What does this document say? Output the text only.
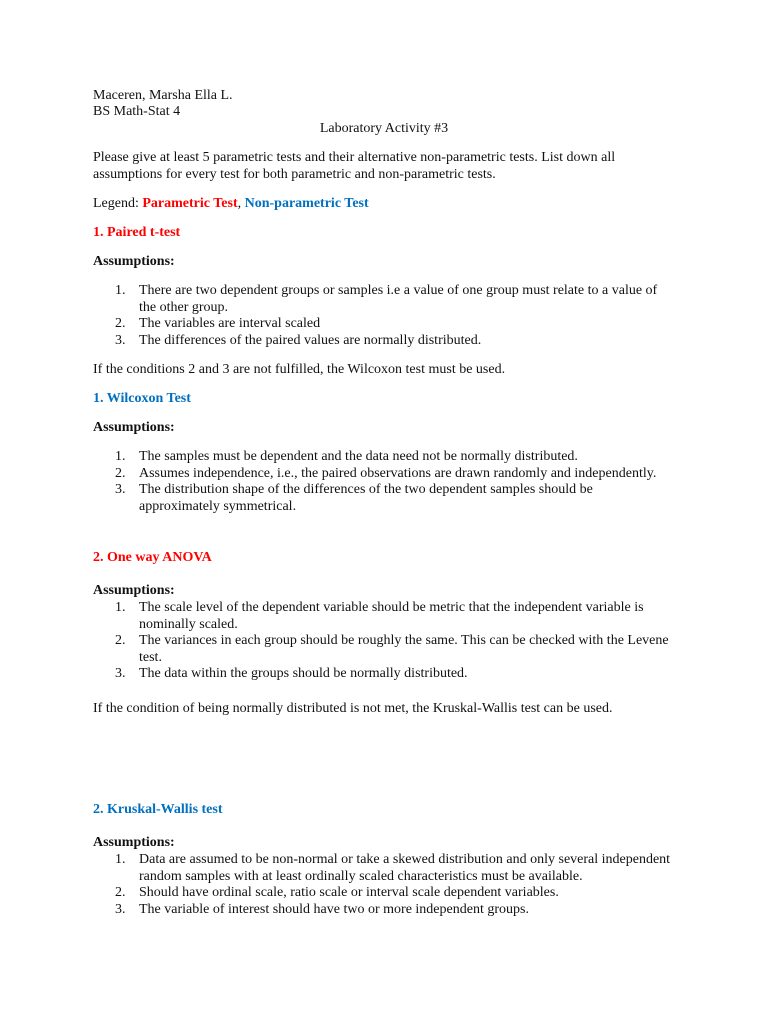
Maceren, Marsha Ella L.
BS Math-Stat 4
Laboratory Activity #3
Please give at least 5 parametric tests and their alternative non-parametric tests. List down all assumptions for every test for both parametric and non-parametric tests.
Legend: Parametric Test, Non-parametric Test
1. Paired t-test
Assumptions:
1. There are two dependent groups or samples i.e a value of one group must relate to a value of the other group.
2. The variables are interval scaled
3. The differences of the paired values are normally distributed.
If the conditions 2 and 3 are not fulfilled, the Wilcoxon test must be used.
1. Wilcoxon Test
Assumptions:
1. The samples must be dependent and the data need not be normally distributed.
2. Assumes independence, i.e., the paired observations are drawn randomly and independently.
3. The distribution shape of the differences of the two dependent samples should be approximately symmetrical.
2. One way ANOVA
Assumptions:
1. The scale level of the dependent variable should be metric that the independent variable is nominally scaled.
2. The variances in each group should be roughly the same. This can be checked with the Levene test.
3. The data within the groups should be normally distributed.
If the condition of being normally distributed is not met, the Kruskal-Wallis test can be used.
2. Kruskal-Wallis test
Assumptions:
1. Data are assumed to be non-normal or take a skewed distribution and only several independent random samples with at least ordinally scaled characteristics must be available.
2. Should have ordinal scale, ratio scale or interval scale dependent variables.
3. The variable of interest should have two or more independent groups.
